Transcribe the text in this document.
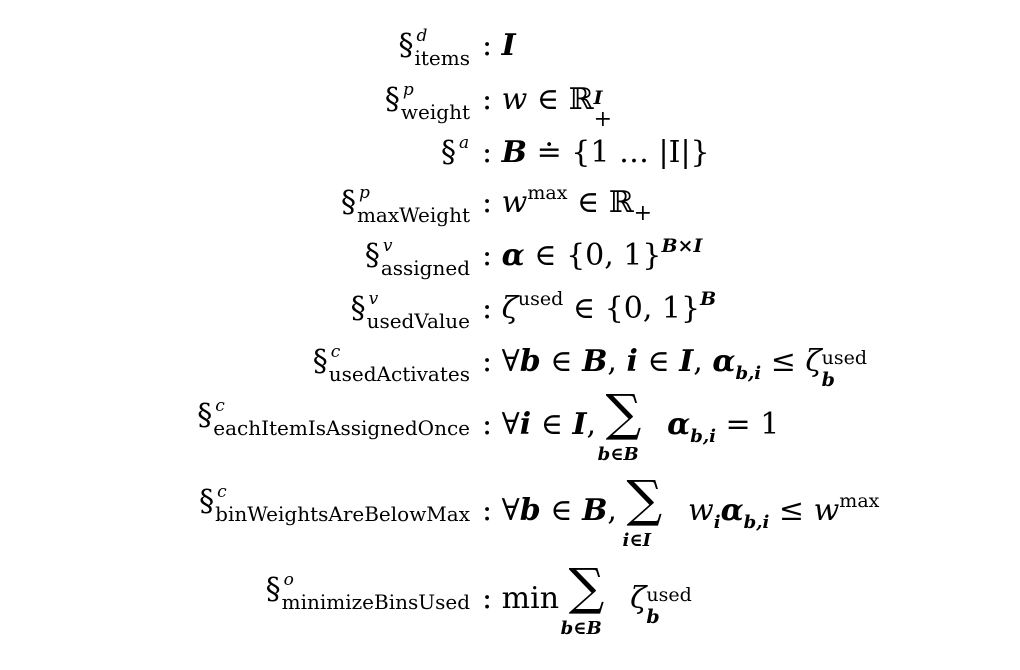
§ d
items : I
§ p
weight : w ∈ ℝ I
+
§ a : B ≐ {1 … |I|}
§ p
maxWeight : $w^{max}$ ∈ ℝ$_+$
§ v
assigned : α ∈ {0, 1}$^{B\times I}$
§ v
usedValue : $\zeta^{used}$ ∈ {0, 1}$^B$
§ c
usedActivates : ∀b ∈ B, i ∈ I, $\alpha_{b,i} \le \zeta$ used
b
§ c
eachItemIsAssignedOnce : ∀i ∈ I, ∑
b∈B
$\alpha_{b,i} = 1$
§ c
binWeightsAreBelowMax : ∀b ∈ B, ∑
i∈I
$w_i\alpha_{b,i} \le w^{max}$
§ o
minimizeBinsUsed : min ∑
b∈B
ζ used
b
